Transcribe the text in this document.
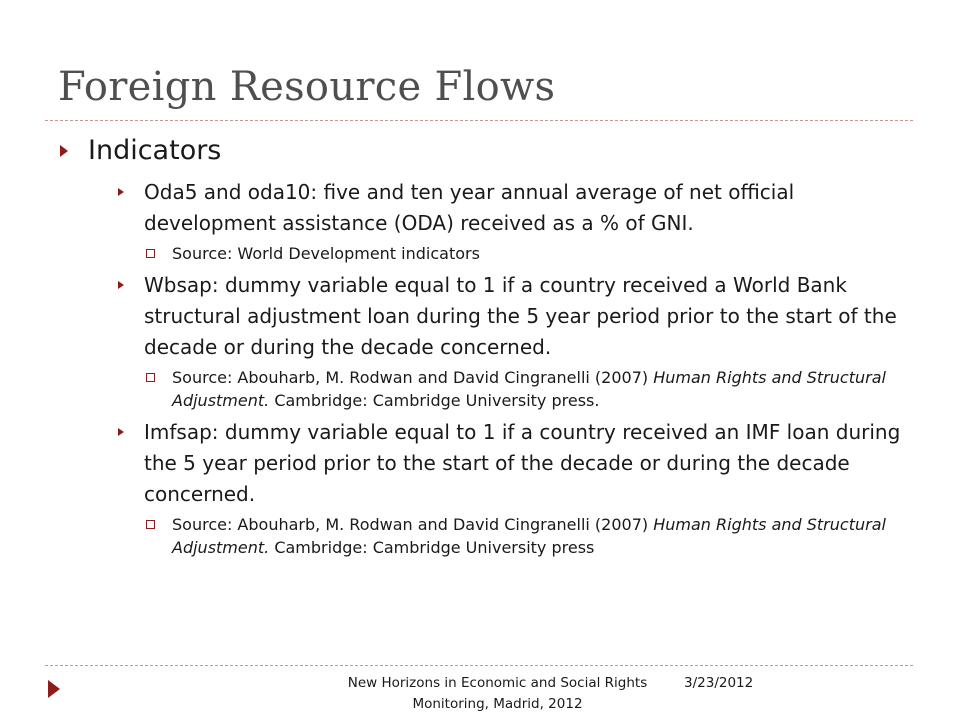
Foreign Resource Flows
Indicators

Oda5 and oda10: five and ten year annual average of net official development assistance (ODA) received as a % of GNI.

Source: World Development indicators

Wbsap: dummy variable equal to 1 if a country received a World Bank structural adjustment loan during the 5 year period prior to the start of the decade or during the decade concerned.

Source: Abouharb, M. Rodwan and David Cingranelli (2007) Human Rights and Structural Adjustment. Cambridge: Cambridge University press.

Imfsap: dummy variable equal to 1 if a country received an IMF loan during the 5 year period prior to the start of the decade or during the decade concerned.

Source: Abouharb, M. Rodwan and David Cingranelli (2007) Human Rights and Structural Adjustment. Cambridge: Cambridge University press

New Horizons in Economic and Social Rights Monitoring, Madrid, 2012
3/23/2012
